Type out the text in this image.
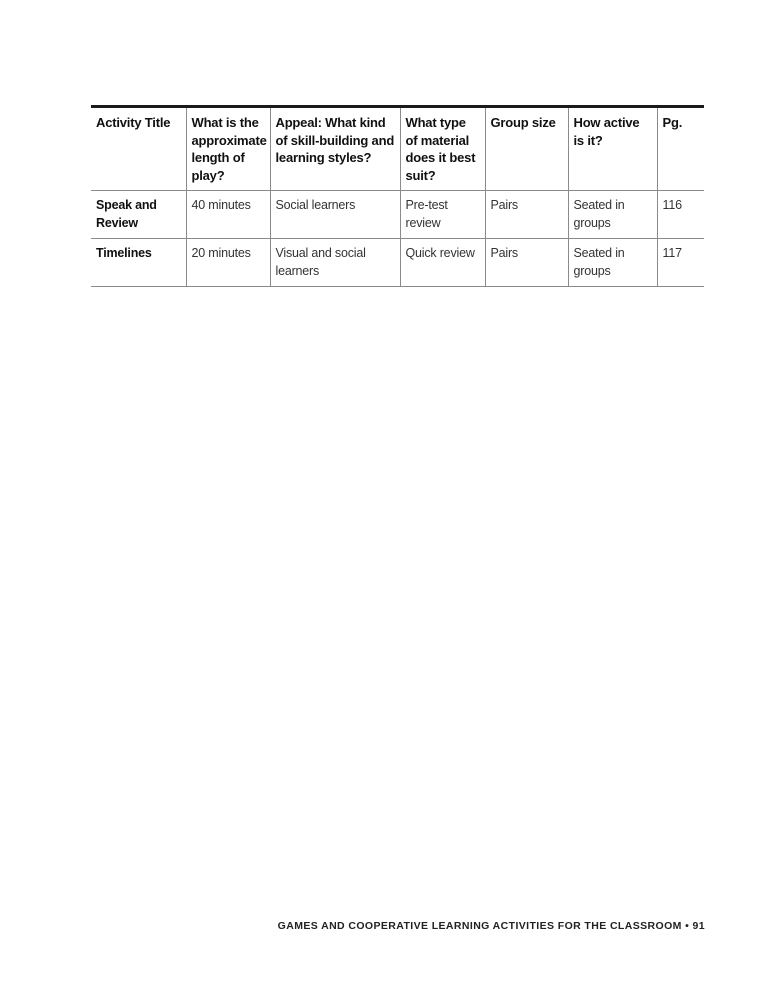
Activity Title	What is the approximate length of play?	Appeal: What kind of skill-building and learning styles?	What type of material does it best suit?	Group size	How active is it?	Pg.
Speak and Review	40 minutes	Social learners	Pre-test review	Pairs	Seated in groups	116
Timelines	20 minutes	Visual and social learners	Quick review	Pairs	Seated in groups	117
GAMES AND COOPERATIVE LEARNING ACTIVITIES FOR THE CLASSROOM • 91
